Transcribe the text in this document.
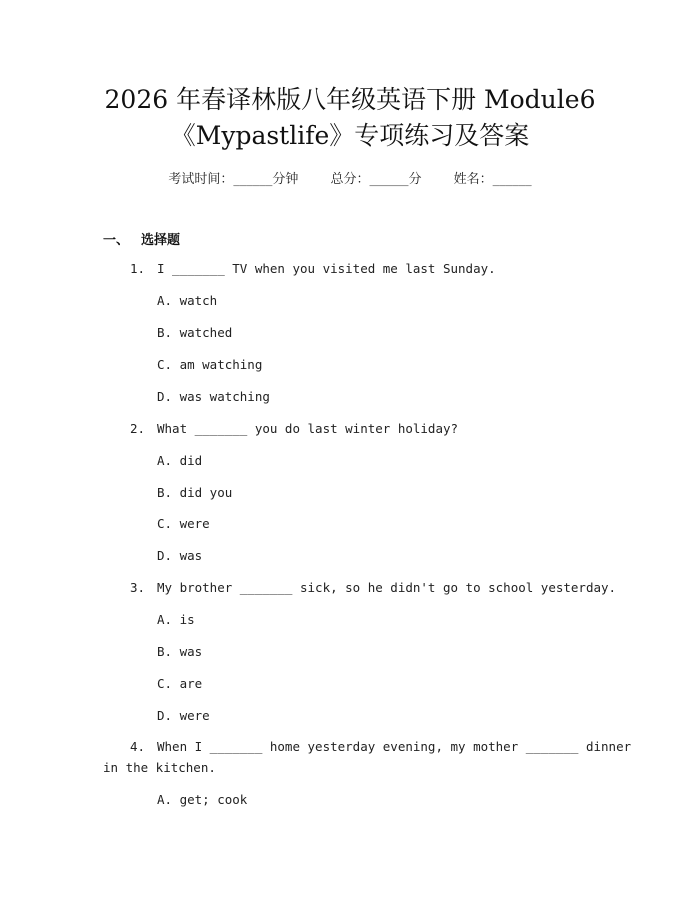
2026 年春译林版八年级英语下册 Module6
《Mypastlife》专项练习及答案
考试时间：______分钟 总分：______分 姓名：______
一、 选择题
1. I _______ TV when you visited me last Sunday.
A. watch
B. watched
C. am watching
D. was watching
2. What _______ you do last winter holiday?
A. did
B. did you
C. were
D. was
3. My brother _______ sick, so he didn't go to school yesterday.
A. is
B. was
C. are
D. were
4. When I _______ home yesterday evening, my mother _______ dinner
in the kitchen.
A. get; cook
